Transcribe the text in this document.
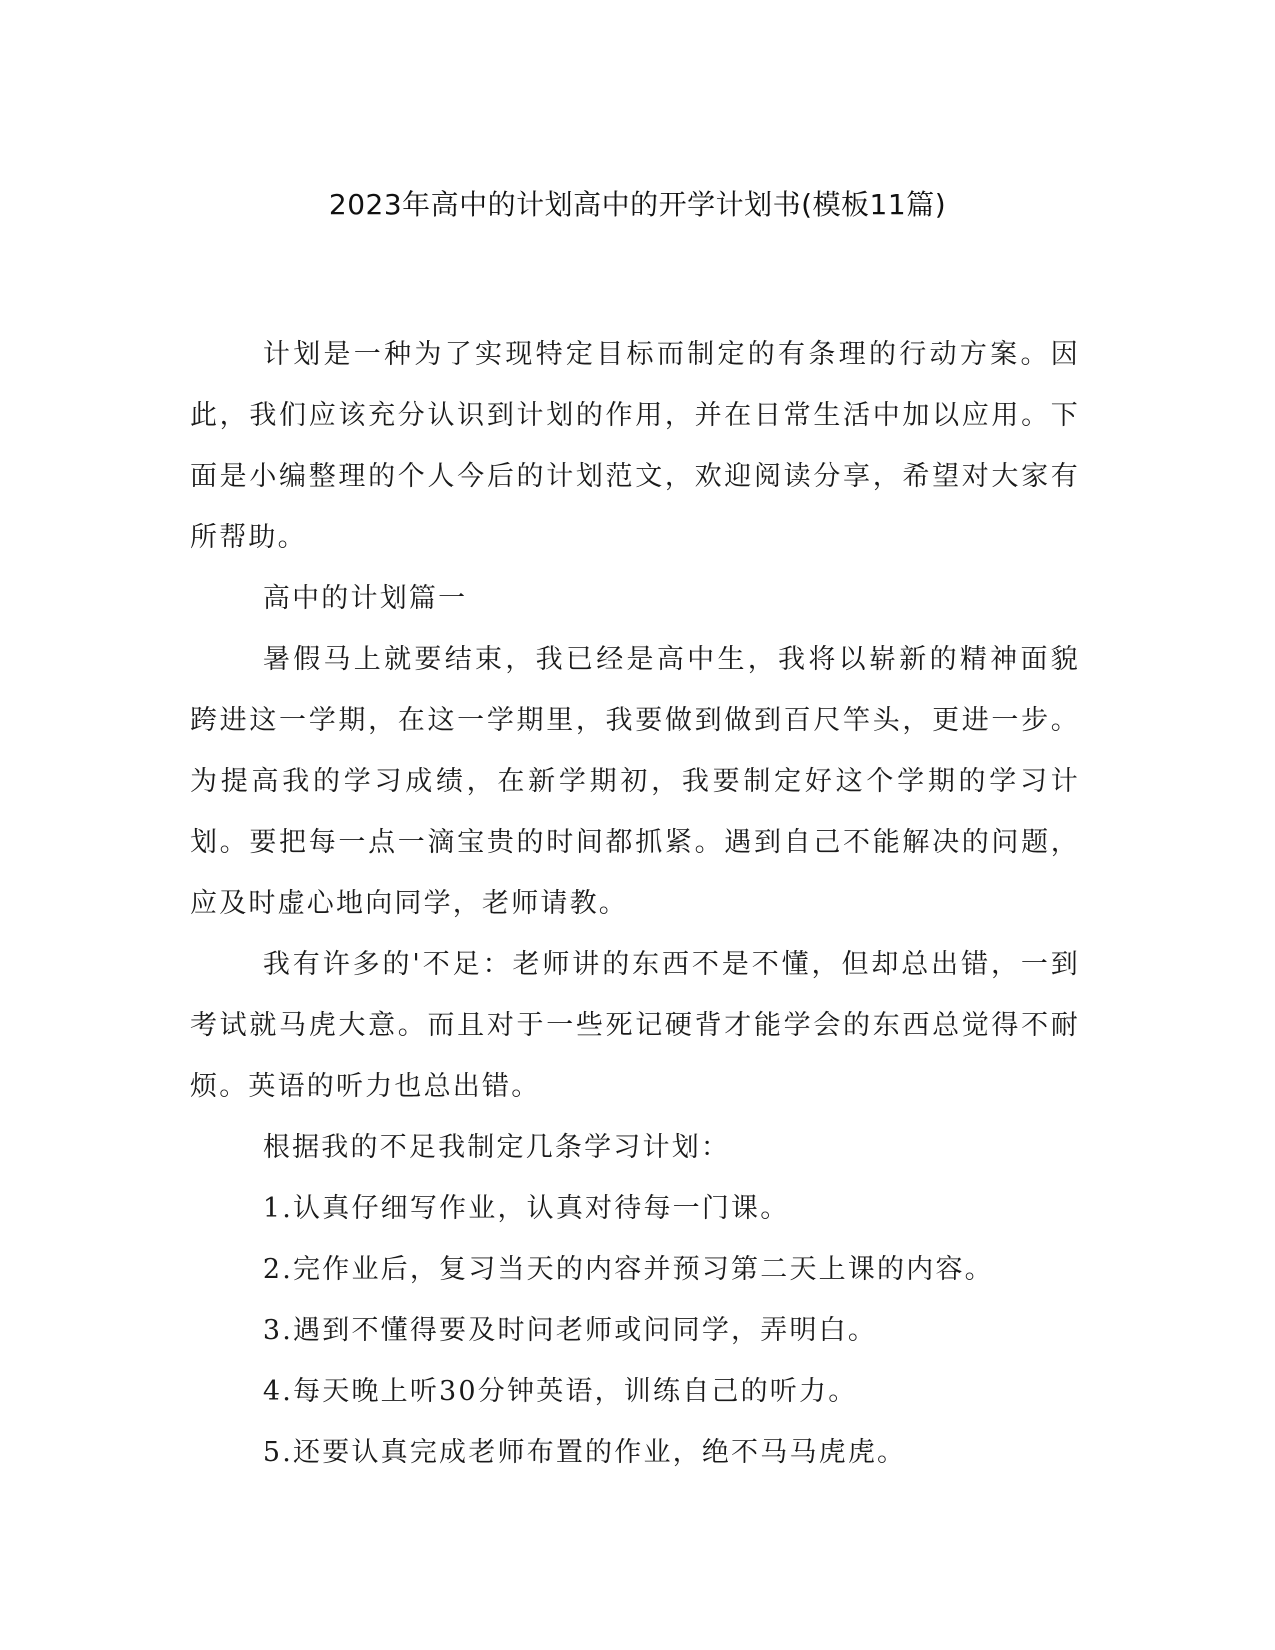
2023年高中的计划高中的开学计划书(模板11篇)

计划是一种为了实现特定目标而制定的有条理的行动方案。因此，我们应该充分认识到计划的作用，并在日常生活中加以应用。下面是小编整理的个人今后的计划范文，欢迎阅读分享，希望对大家有所帮助。

高中的计划篇一

暑假马上就要结束，我已经是高中生，我将以崭新的精神面貌跨进这一学期，在这一学期里，我要做到做到百尺竿头，更进一步。为提高我的学习成绩，在新学期初，我要制定好这个学期的学习计划。要把每一点一滴宝贵的时间都抓紧。遇到自己不能解决的问题，应及时虚心地向同学，老师请教。

我有许多的'不足：老师讲的东西不是不懂，但却总出错，一到考试就马虎大意。而且对于一些死记硬背才能学会的东西总觉得不耐烦。英语的听力也总出错。

根据我的不足我制定几条学习计划：

1.认真仔细写作业，认真对待每一门课。

2.完作业后，复习当天的内容并预习第二天上课的内容。

3.遇到不懂得要及时问老师或问同学，弄明白。

4.每天晚上听30分钟英语，训练自己的听力。

5.还要认真完成老师布置的作业，绝不马马虎虎。
